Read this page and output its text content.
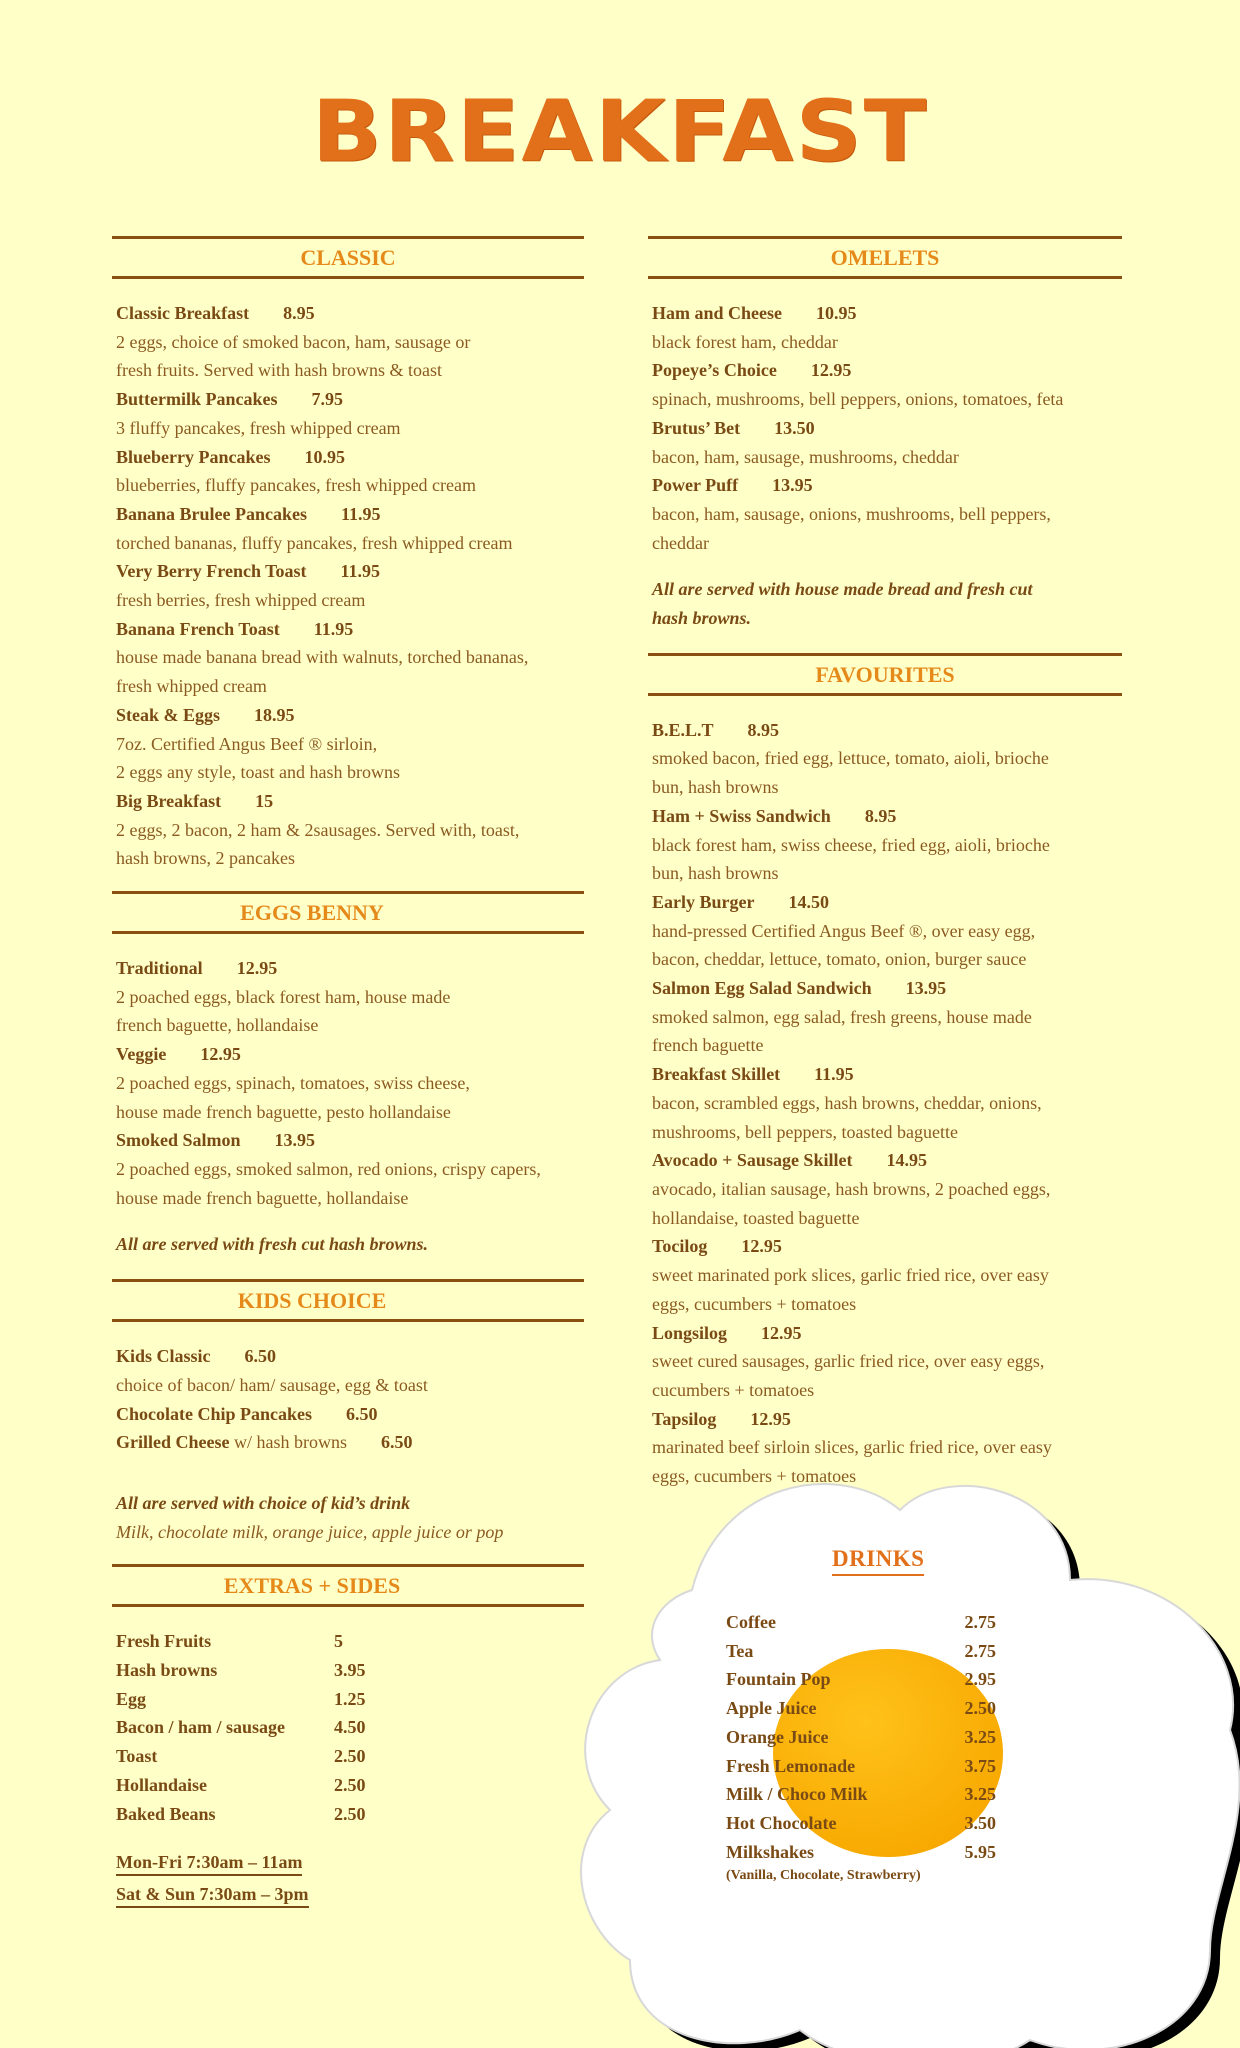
BREAKFAST
CLASSIC
Classic Breakfast 8.95
2 eggs, choice of smoked bacon, ham, sausage or
fresh fruits. Served with hash browns & toast
Buttermilk Pancakes 7.95
3 fluffy pancakes, fresh whipped cream
Blueberry Pancakes 10.95
blueberries, fluffy pancakes, fresh whipped cream
Banana Brulee Pancakes 11.95
torched bananas, fluffy pancakes, fresh whipped cream
Very Berry French Toast 11.95
fresh berries, fresh whipped cream
Banana French Toast 11.95
house made banana bread with walnuts, torched bananas,
fresh whipped cream
Steak & Eggs 18.95
7oz. Certified Angus Beef ® sirloin,
2 eggs any style, toast and hash browns
Big Breakfast 15
2 eggs, 2 bacon, 2 ham & 2sausages. Served with, toast,
hash browns, 2 pancakes
EGGS BENNY
Traditional 12.95
2 poached eggs, black forest ham, house made
french baguette, hollandaise
Veggie 12.95
2 poached eggs, spinach, tomatoes, swiss cheese,
house made french baguette, pesto hollandaise
Smoked Salmon 13.95
2 poached eggs, smoked salmon, red onions, crispy capers,
house made french baguette, hollandaise
All are served with fresh cut hash browns.
KIDS CHOICE
Kids Classic 6.50
choice of bacon/ ham/ sausage, egg & toast
Chocolate Chip Pancakes 6.50
Grilled Cheese w/ hash browns 6.50
All are served with choice of kid’s drink
Milk, chocolate milk, orange juice, apple juice or pop
EXTRAS + SIDES
Fresh Fruits	5
Hash browns	3.95
Egg	1.25
Bacon / ham / sausage	4.50
Toast	2.50
Hollandaise	2.50
Baked Beans	2.50
Mon-Fri 7:30am – 11am
Sat & Sun 7:30am – 3pm
OMELETS
Ham and Cheese 10.95
black forest ham, cheddar
Popeye’s Choice 12.95
spinach, mushrooms, bell peppers, onions, tomatoes, feta
Brutus’ Bet 13.50
bacon, ham, sausage, mushrooms, cheddar
Power Puff 13.95
bacon, ham, sausage, onions, mushrooms, bell peppers,
cheddar
All are served with house made bread and fresh cut
hash browns.
FAVOURITES
B.E.L.T 8.95
smoked bacon, fried egg, lettuce, tomato, aioli, brioche
bun, hash browns
Ham + Swiss Sandwich 8.95
black forest ham, swiss cheese, fried egg, aioli, brioche
bun, hash browns
Early Burger 14.50
hand-pressed Certified Angus Beef ®, over easy egg,
bacon, cheddar, lettuce, tomato, onion, burger sauce
Salmon Egg Salad Sandwich 13.95
smoked salmon, egg salad, fresh greens, house made
french baguette
Breakfast Skillet 11.95
bacon, scrambled eggs, hash browns, cheddar, onions,
mushrooms, bell peppers, toasted baguette
Avocado + Sausage Skillet 14.95
avocado, italian sausage, hash browns, 2 poached eggs,
hollandaise, toasted baguette
Tocilog 12.95
sweet marinated pork slices, garlic fried rice, over easy
eggs, cucumbers + tomatoes
Longsilog 12.95
sweet cured sausages, garlic fried rice, over easy eggs,
cucumbers + tomatoes
Tapsilog 12.95
marinated beef sirloin slices, garlic fried rice, over easy
eggs, cucumbers + tomatoes
DRINKS
Coffee	2.75
Tea	2.75
Fountain Pop	2.95
Apple Juice	2.50
Orange Juice	3.25
Fresh Lemonade	3.75
Milk / Choco Milk	3.25
Hot Chocolate	3.50
Milkshakes	5.95
(Vanilla, Chocolate, Strawberry)
